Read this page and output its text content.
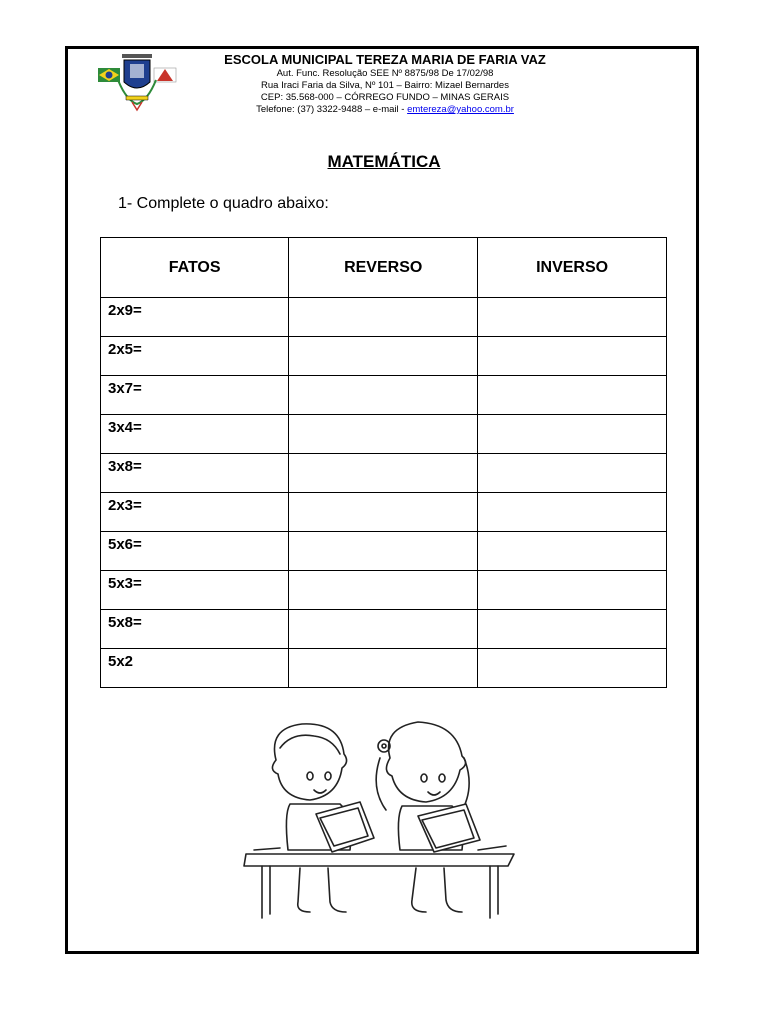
ESCOLA MUNICIPAL TEREZA MARIA DE FARIA VAZ
Aut. Func. Resolução SEE Nº 8875/98 De 17/02/98
Rua Iraci Faria da Silva, Nº 101 – Bairro: Mizael Bernardes
CEP: 35.568-000 – CÓRREGO FUNDO – MINAS GERAIS
Telefone: (37) 3322-9488 – e-mail - emtereza@yahoo.com.br
MATEMÁTICA
1- Complete o quadro abaixo:
FATOS	REVERSO	INVERSO
2x9=		
2x5=		
3x7=		
3x4=		
3x8=		
2x3=		
5x6=		
5x3=		
5x8=		
5x2		
